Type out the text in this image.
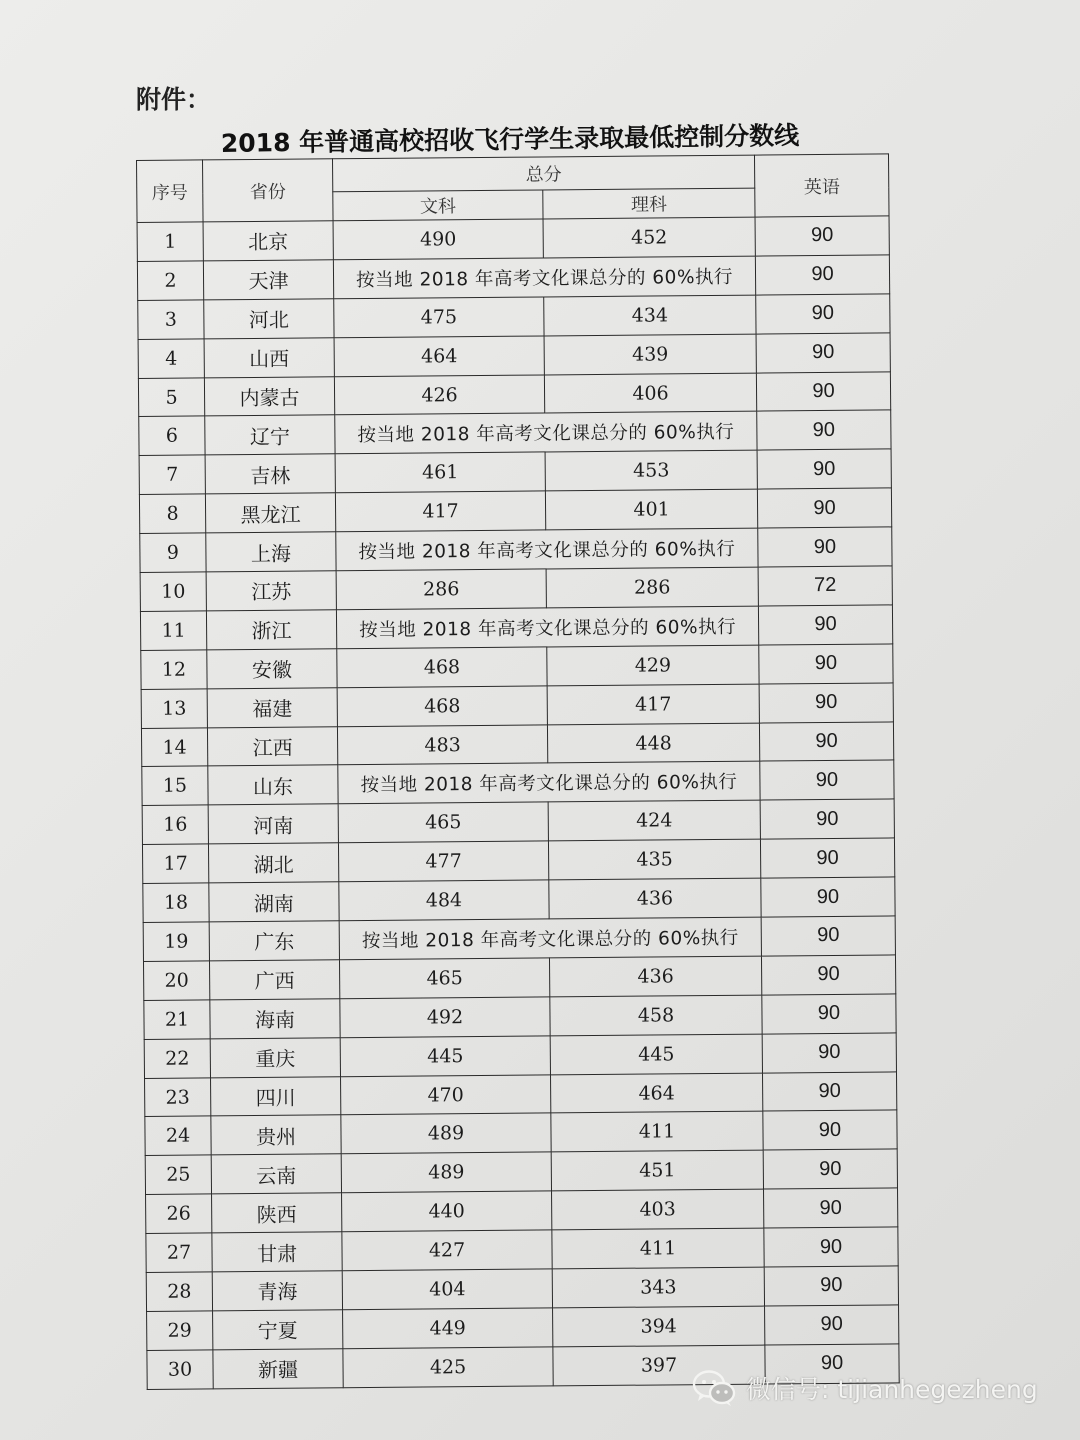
附件：
2018 年普通高校招收飞行学生录取最低控制分数线
序号	省份	总分		英语
		文科	理科	
1	北京	490	452	90
2	天津	按当地 2018 年高考文化课总分的 60%执行		90
3	河北	475	434	90
4	山西	464	439	90
5	内蒙古	426	406	90
6	辽宁	按当地 2018 年高考文化课总分的 60%执行		90
7	吉林	461	453	90
8	黑龙江	417	401	90
9	上海	按当地 2018 年高考文化课总分的 60%执行		90
10	江苏	286	286	72
11	浙江	按当地 2018 年高考文化课总分的 60%执行		90
12	安徽	468	429	90
13	福建	468	417	90
14	江西	483	448	90
15	山东	按当地 2018 年高考文化课总分的 60%执行		90
16	河南	465	424	90
17	湖北	477	435	90
18	湖南	484	436	90
19	广东	按当地 2018 年高考文化课总分的 60%执行		90
20	广西	465	436	90
21	海南	492	458	90
22	重庆	445	445	90
23	四川	470	464	90
24	贵州	489	411	90
25	云南	489	451	90
26	陕西	440	403	90
27	甘肃	427	411	90
28	青海	404	343	90
29	宁夏	449	394	90
30	新疆	425	397	90
微信号: tijianhegezheng
